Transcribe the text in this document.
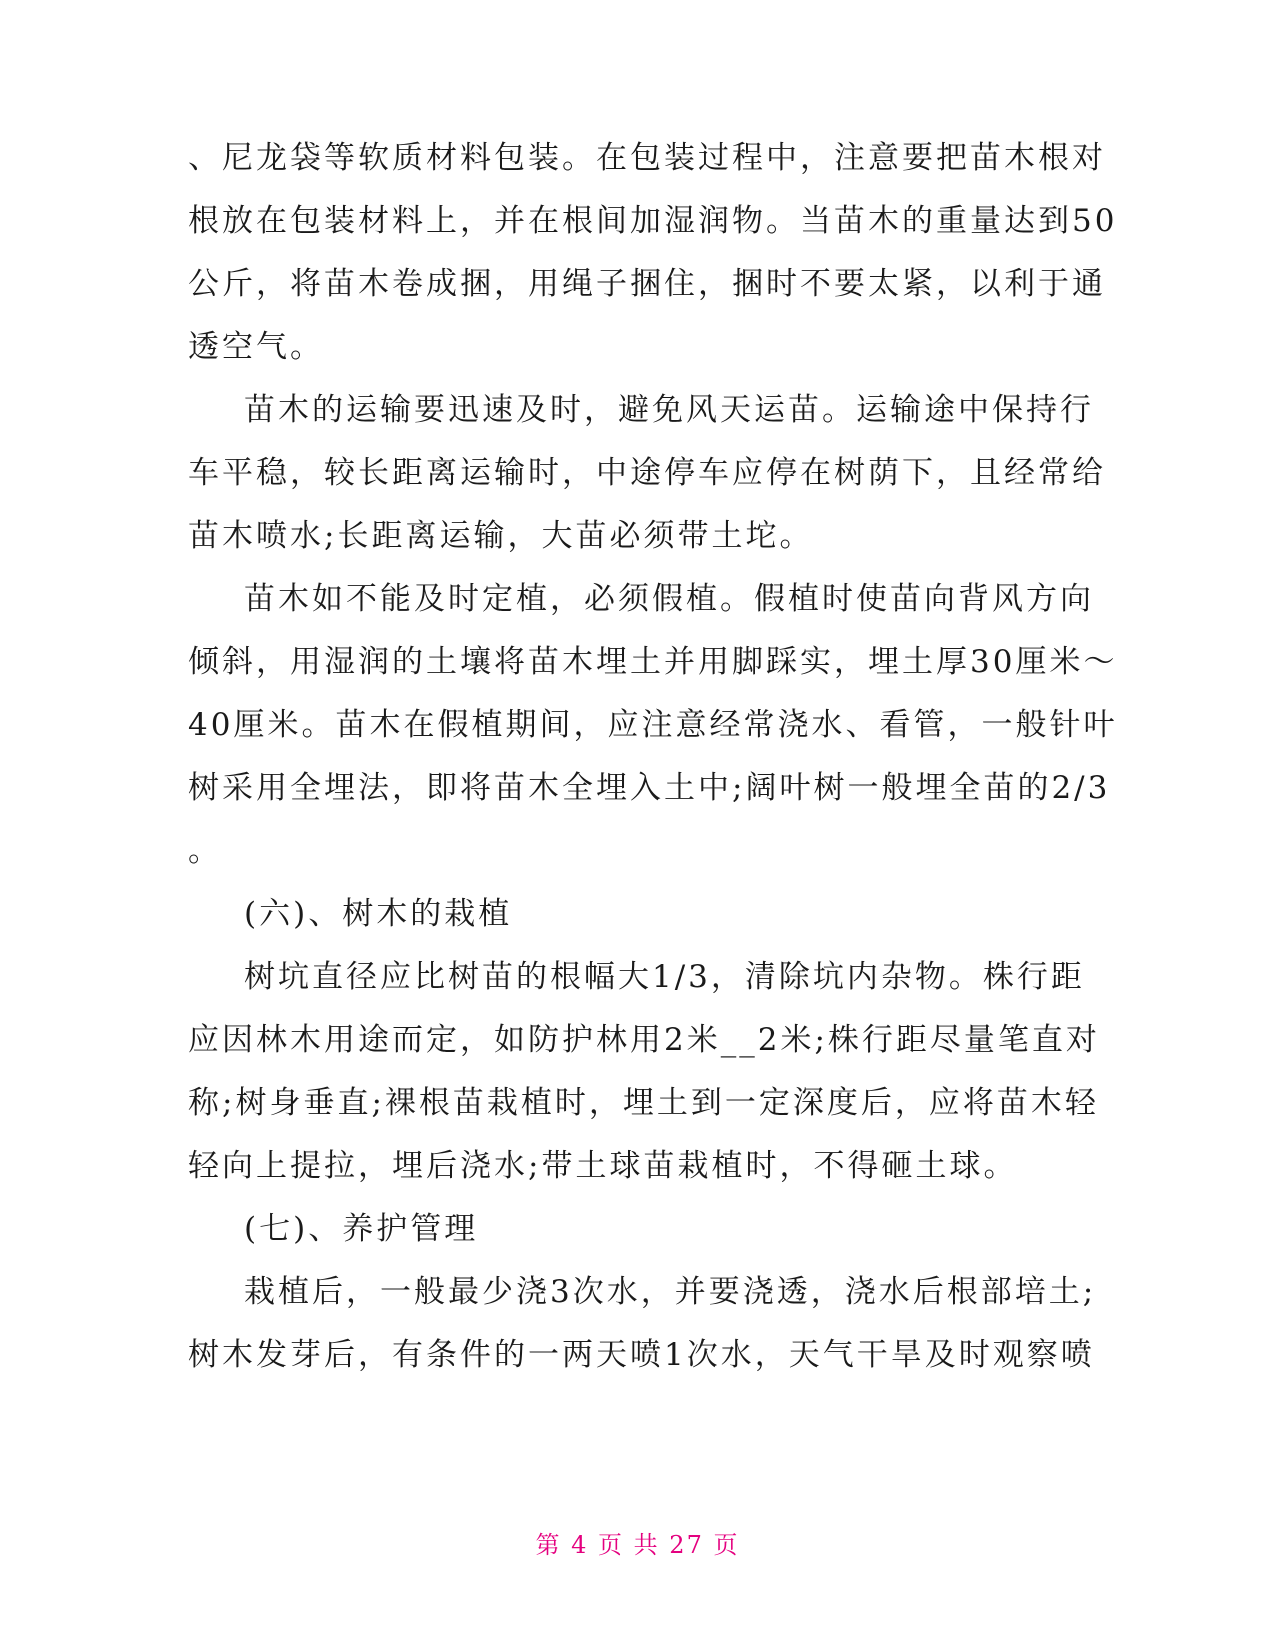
、尼龙袋等软质材料包装。在包装过程中，注意要把苗木根对
根放在包装材料上，并在根间加湿润物。当苗木的重量达到50
公斤，将苗木卷成捆，用绳子捆住，捆时不要太紧，以利于通
透空气。
苗木的运输要迅速及时，避免风天运苗。运输途中保持行
车平稳，较长距离运输时，中途停车应停在树荫下，且经常给
苗木喷水;长距离运输，大苗必须带土坨。
苗木如不能及时定植，必须假植。假植时使苗向背风方向
倾斜，用湿润的土壤将苗木埋土并用脚踩实，埋土厚30厘米～
40厘米。苗木在假植期间，应注意经常浇水、看管，一般针叶
树采用全埋法，即将苗木全埋入土中;阔叶树一般埋全苗的2/3
。
(六)、树木的栽植
树坑直径应比树苗的根幅大1/3，清除坑内杂物。株行距
应因林木用途而定，如防护林用2米__2米;株行距尽量笔直对
称;树身垂直;裸根苗栽植时，埋土到一定深度后，应将苗木轻
轻向上提拉，埋后浇水;带土球苗栽植时，不得砸土球。
(七)、养护管理
栽植后，一般最少浇3次水，并要浇透，浇水后根部培土;
树木发芽后，有条件的一两天喷1次水，天气干旱及时观察喷
第 4 页 共 27 页
